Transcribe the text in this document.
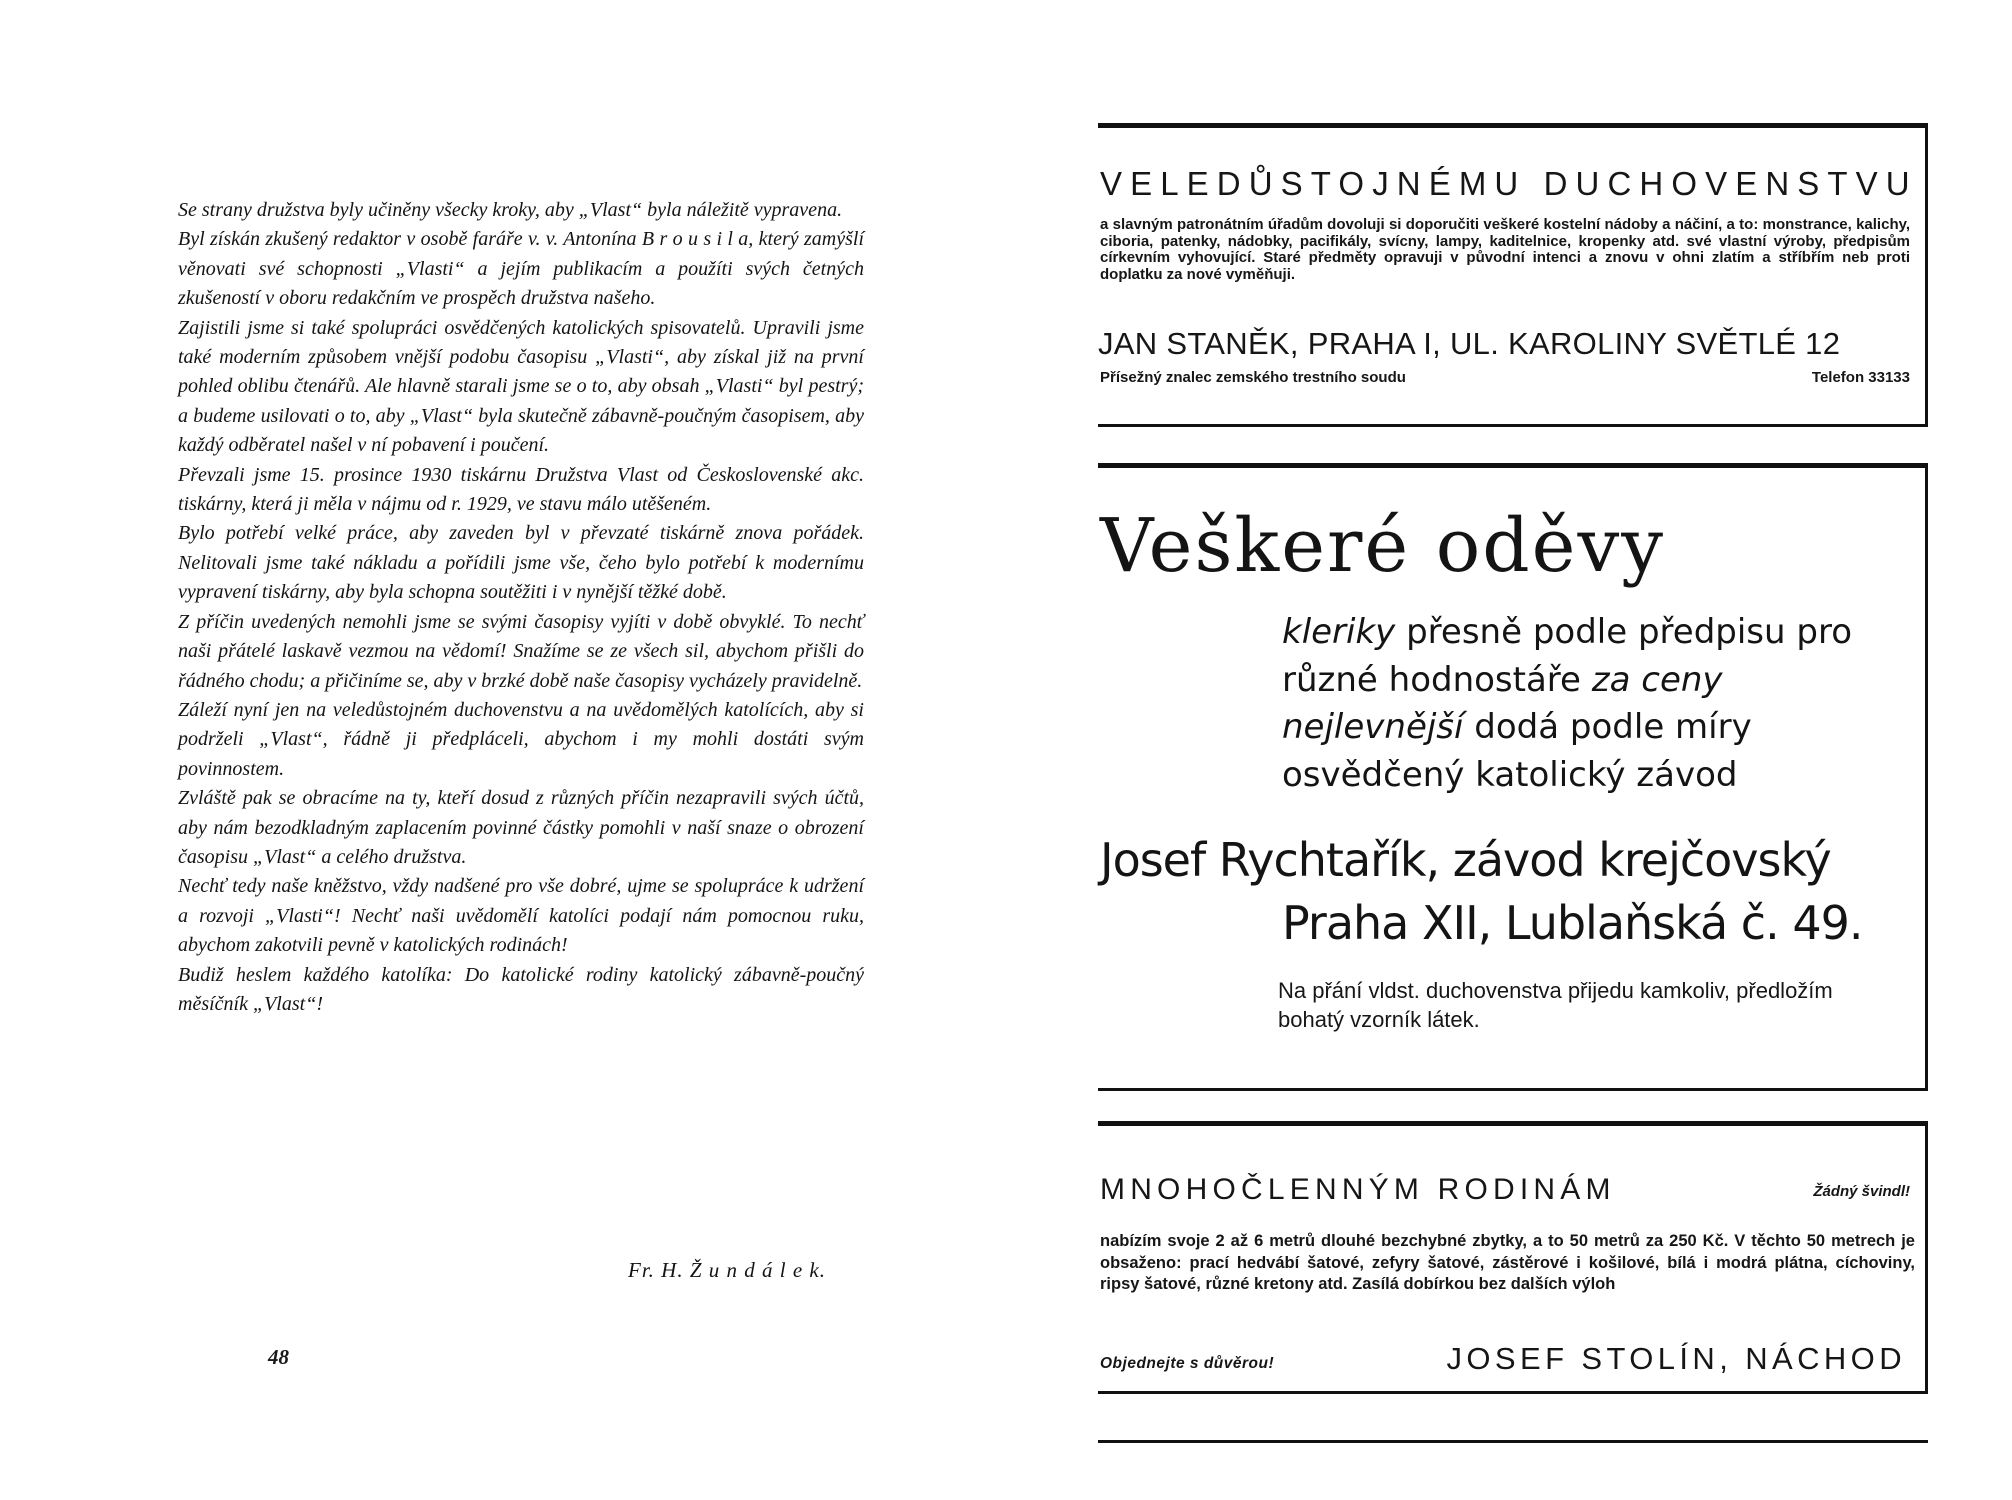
Se strany družstva byly učiněny všecky kroky, aby „Vlast“ byla náležitě vypravena.

Byl získán zkušený redaktor v osobě faráře v. v. Antonína B r o u s i l a, který zamýšlí věnovati své schopnosti „Vlasti“ a jejím publikacím a použíti svých četných zkušeností v oboru redakčním ve prospěch družstva našeho.

Zajistili jsme si také spolupráci osvědčených katolických spisovatelů. Upravili jsme také moderním způsobem vnější podobu časopisu „Vlasti“, aby získal již na první pohled oblibu čtenářů. Ale hlavně starali jsme se o to, aby obsah „Vlasti“ byl pestrý; a budeme usilovati o to, aby „Vlast“ byla skutečně zábavně-poučným časopisem, aby každý odběratel našel v ní pobavení i poučení.

Převzali jsme 15. prosince 1930 tiskárnu Družstva Vlast od Československé akc. tiskárny, která ji měla v nájmu od r. 1929, ve stavu málo utěšeném.

Bylo potřebí velké práce, aby zaveden byl v převzaté tiskárně znova pořádek. Nelitovali jsme také nákladu a pořídili jsme vše, čeho bylo potřebí k modernímu vypravení tiskárny, aby byla schopna soutěžiti i v nynější těžké době.

Z příčin uvedených nemohli jsme se svými časopisy vyjíti v době obvyklé. To nechť naši přátelé laskavě vezmou na vědomí! Snažíme se ze všech sil, abychom přišli do řádného chodu; a přičiníme se, aby v brzké době naše časopisy vycházely pravidelně.

Záleží nyní jen na veledůstojném duchovenstvu a na uvědomělých katolících, aby si podrželi „Vlast“, řádně ji předpláceli, abychom i my mohli dostáti svým povinnostem.

Zvláště pak se obracíme na ty, kteří dosud z různých příčin nezapravili svých účtů, aby nám bezodkladným zaplacením povinné částky pomohli v naší snaze o obrození časopisu „Vlast“ a celého družstva.

Nechť tedy naše kněžstvo, vždy nadšené pro vše dobré, ujme se spolupráce k udržení a rozvoji „Vlasti“! Nechť naši uvědomělí katolíci podají nám pomocnou ruku, abychom zakotvili pevně v katolických rodinách!

Budiž heslem každého katolíka: Do katolické rodiny katolický zábavně-poučný měsíčník „Vlast“!

Fr. H. Ž u n d á l e k.
48
VELEDŮSTOJNÉMU DUCHOVENSTVU
a slavným patronátním úřadům dovoluji si doporučiti veškeré kostelní nádoby a náčiní, a to: monstrance, kalichy, ciboria, patenky, nádobky, pacifikály, svícny, lampy, kaditelnice, kropenky atd. své vlastní výroby, předpisům církevním vyhovující. Staré předměty opravuji v původní intenci a znovu v ohni zlatím a stříbřím neb proti doplatku za nové vyměňuji.
JAN STANĚK, PRAHA I, UL. KAROLINY SVĚTLÉ 12
Přísežný znalec zemského trestního soudu	Telefon 33133
Veškeré oděvy
kleriky přesně podle předpisu pro různé hodnostáře za ceny nejlevnější dodá podle míry osvědčený katolický závod
Josef Rychtařík, závod krejčovský
Praha XII, Lublaňská č. 49.
Na přání vldst. duchovenstva přijedu kamkoliv, předložím bohatý vzorník látek.
MNOHOČLENNÝM RODINÁM	Žádný švindl!
nabízím svoje 2 až 6 metrů dlouhé bezchybné zbytky, a to 50 metrů za 250 Kč. V těchto 50 metrech je obsaženo: prací hedvábí šatové, zefyry šatové, zástěrové i košilové, bílá i modrá plátna, cíchoviny, ripsy šatové, různé kretony atd. Zasílá dobírkou bez dalších výloh
Objednejte s důvěrou!	JOSEF STOLÍN, NÁCHOD
